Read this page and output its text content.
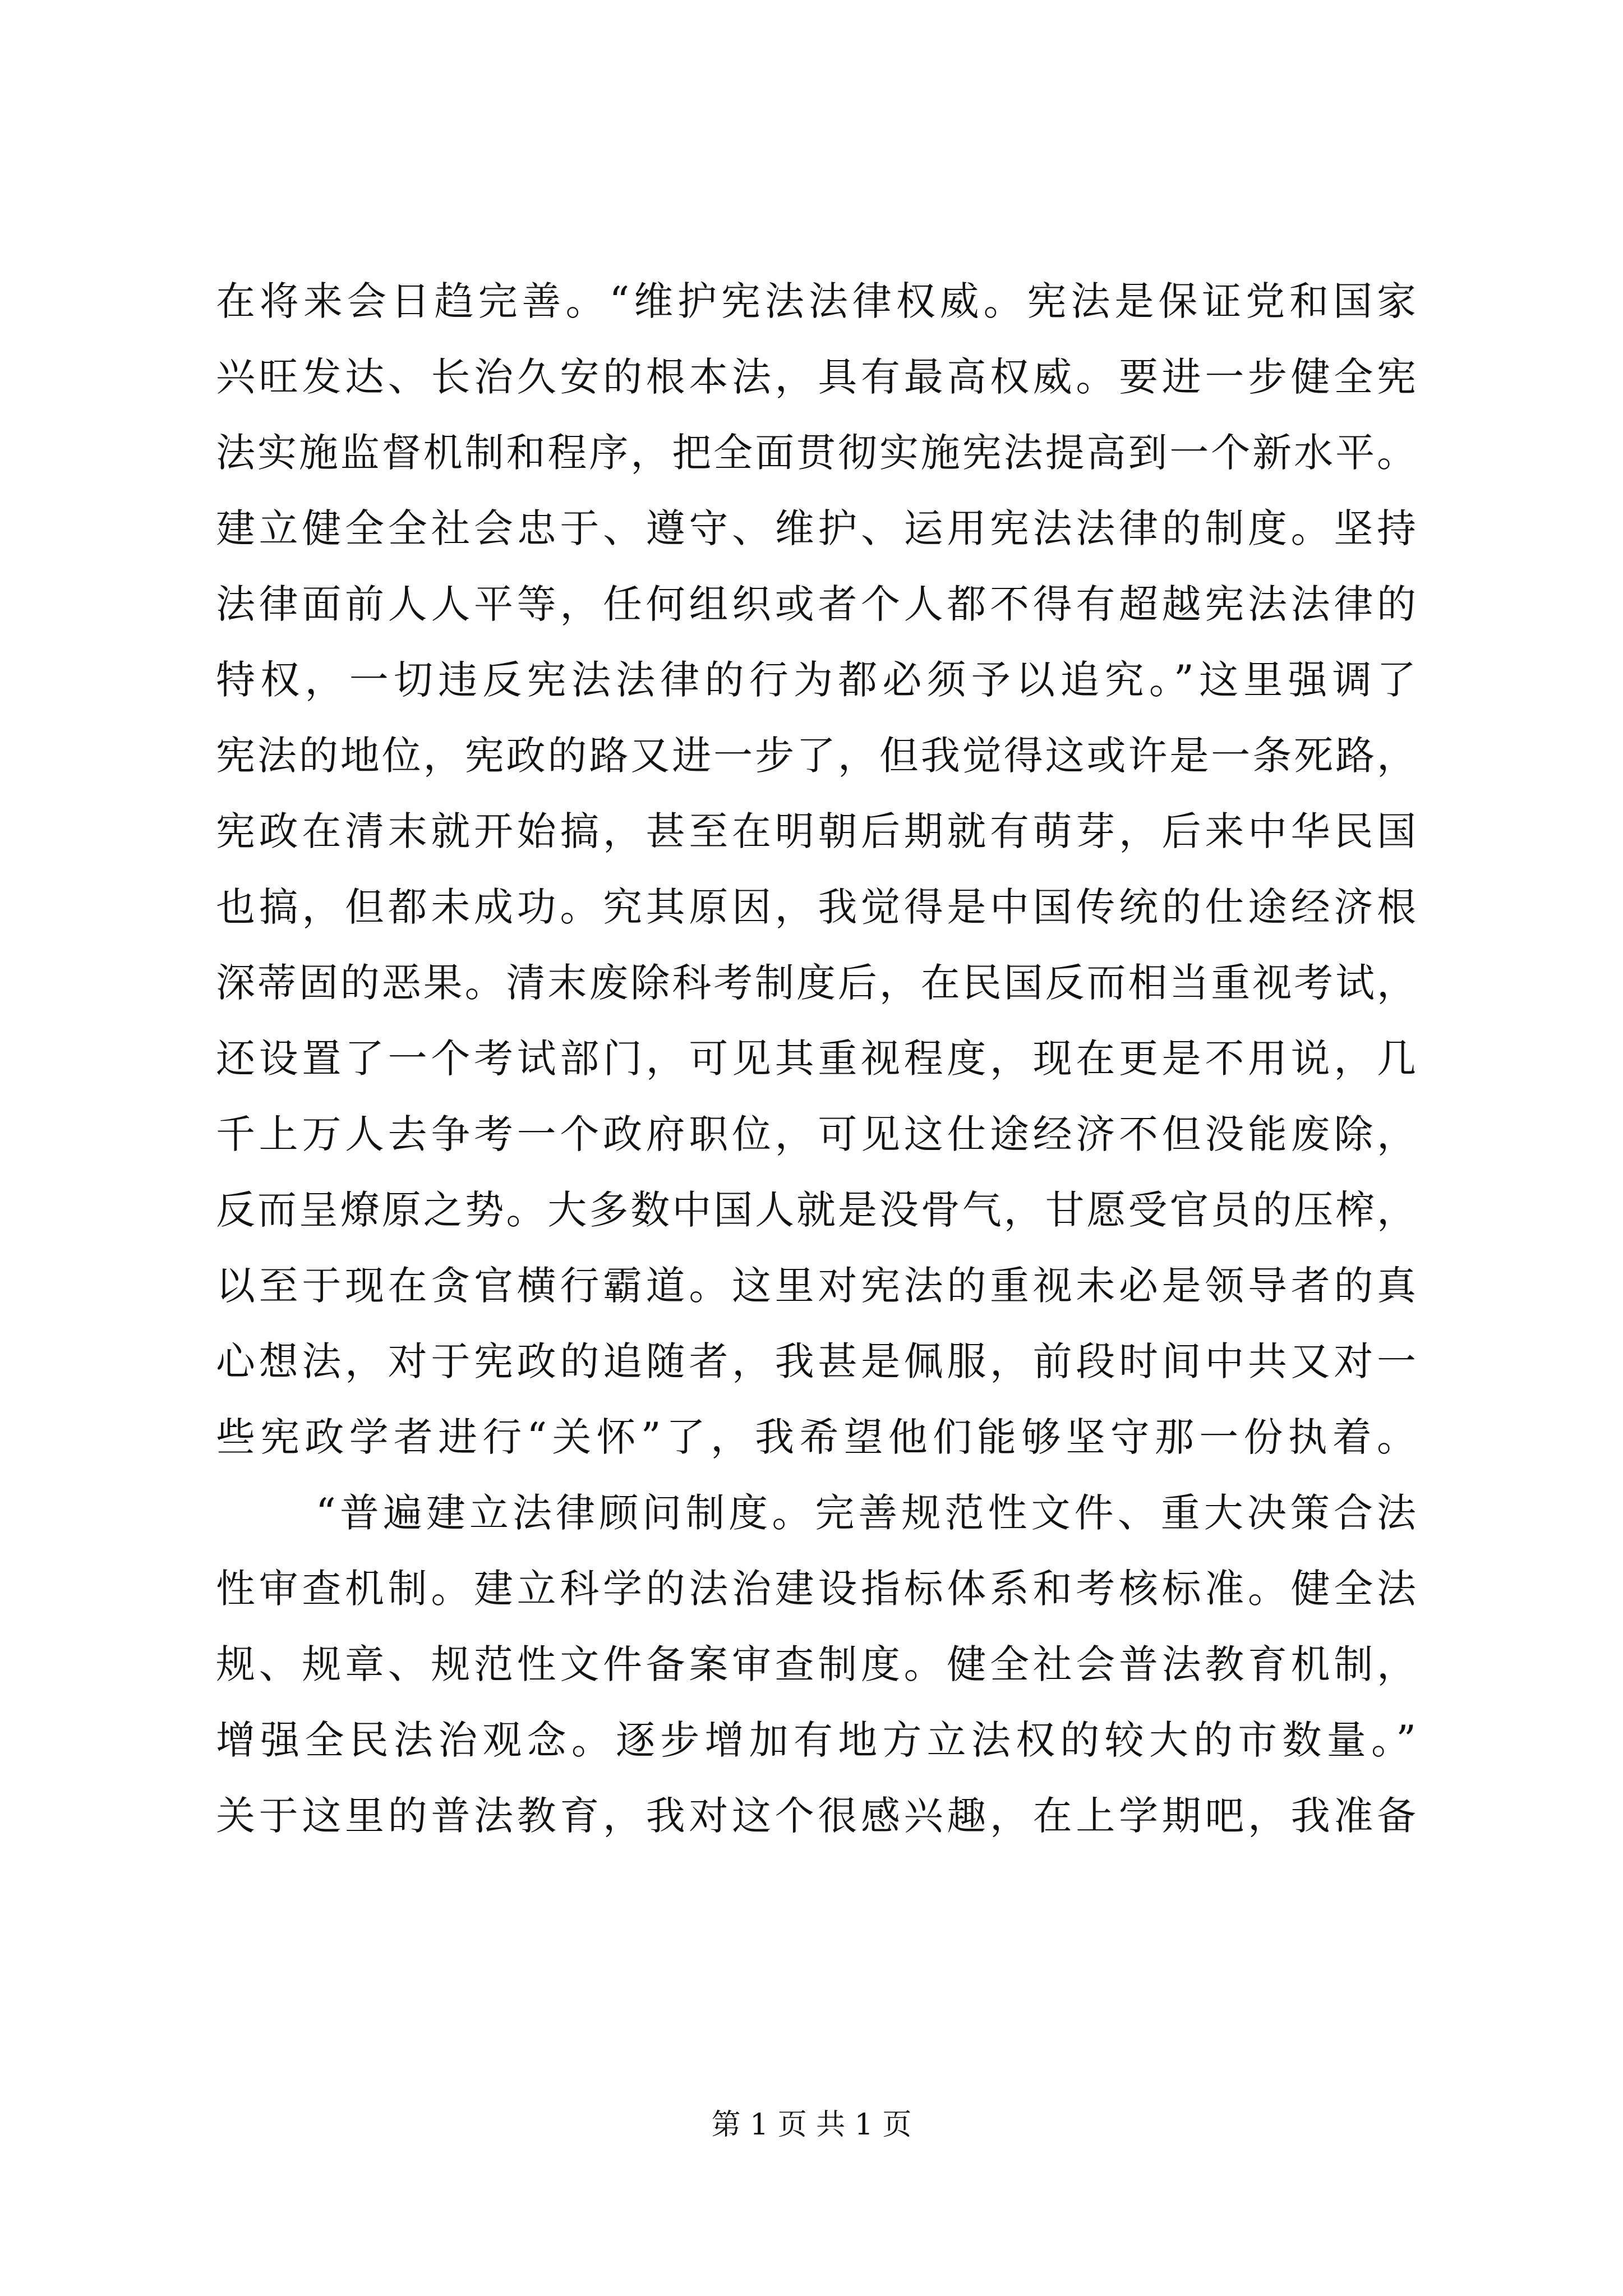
在将来会日趋完善。“维护宪法法律权威。宪法是保证党和国家
兴旺发达、长治久安的根本法，具有最高权威。要进一步健全宪
法实施监督机制和程序，把全面贯彻实施宪法提高到一个新水平。
建立健全全社会忠于、遵守、维护、运用宪法法律的制度。坚持
法律面前人人平等，任何组织或者个人都不得有超越宪法法律的
特权，一切违反宪法法律的行为都必须予以追究。”这里强调了
宪法的地位，宪政的路又进一步了，但我觉得这或许是一条死路，
宪政在清末就开始搞，甚至在明朝后期就有萌芽，后来中华民国
也搞，但都未成功。究其原因，我觉得是中国传统的仕途经济根
深蒂固的恶果。清末废除科考制度后，在民国反而相当重视考试，
还设置了一个考试部门，可见其重视程度，现在更是不用说，几
千上万人去争考一个政府职位，可见这仕途经济不但没能废除，
反而呈燎原之势。大多数中国人就是没骨气，甘愿受官员的压榨，
以至于现在贪官横行霸道。这里对宪法的重视未必是领导者的真
心想法，对于宪政的追随者，我甚是佩服，前段时间中共又对一
些宪政学者进行“关怀”了，我希望他们能够坚守那一份执着。
“普遍建立法律顾问制度。完善规范性文件、重大决策合法
性审查机制。建立科学的法治建设指标体系和考核标准。健全法
规、规章、规范性文件备案审查制度。健全社会普法教育机制，
增强全民法治观念。逐步增加有地方立法权的较大的市数量。”
关于这里的普法教育，我对这个很感兴趣，在上学期吧，我准备
第 1 页 共 1 页
